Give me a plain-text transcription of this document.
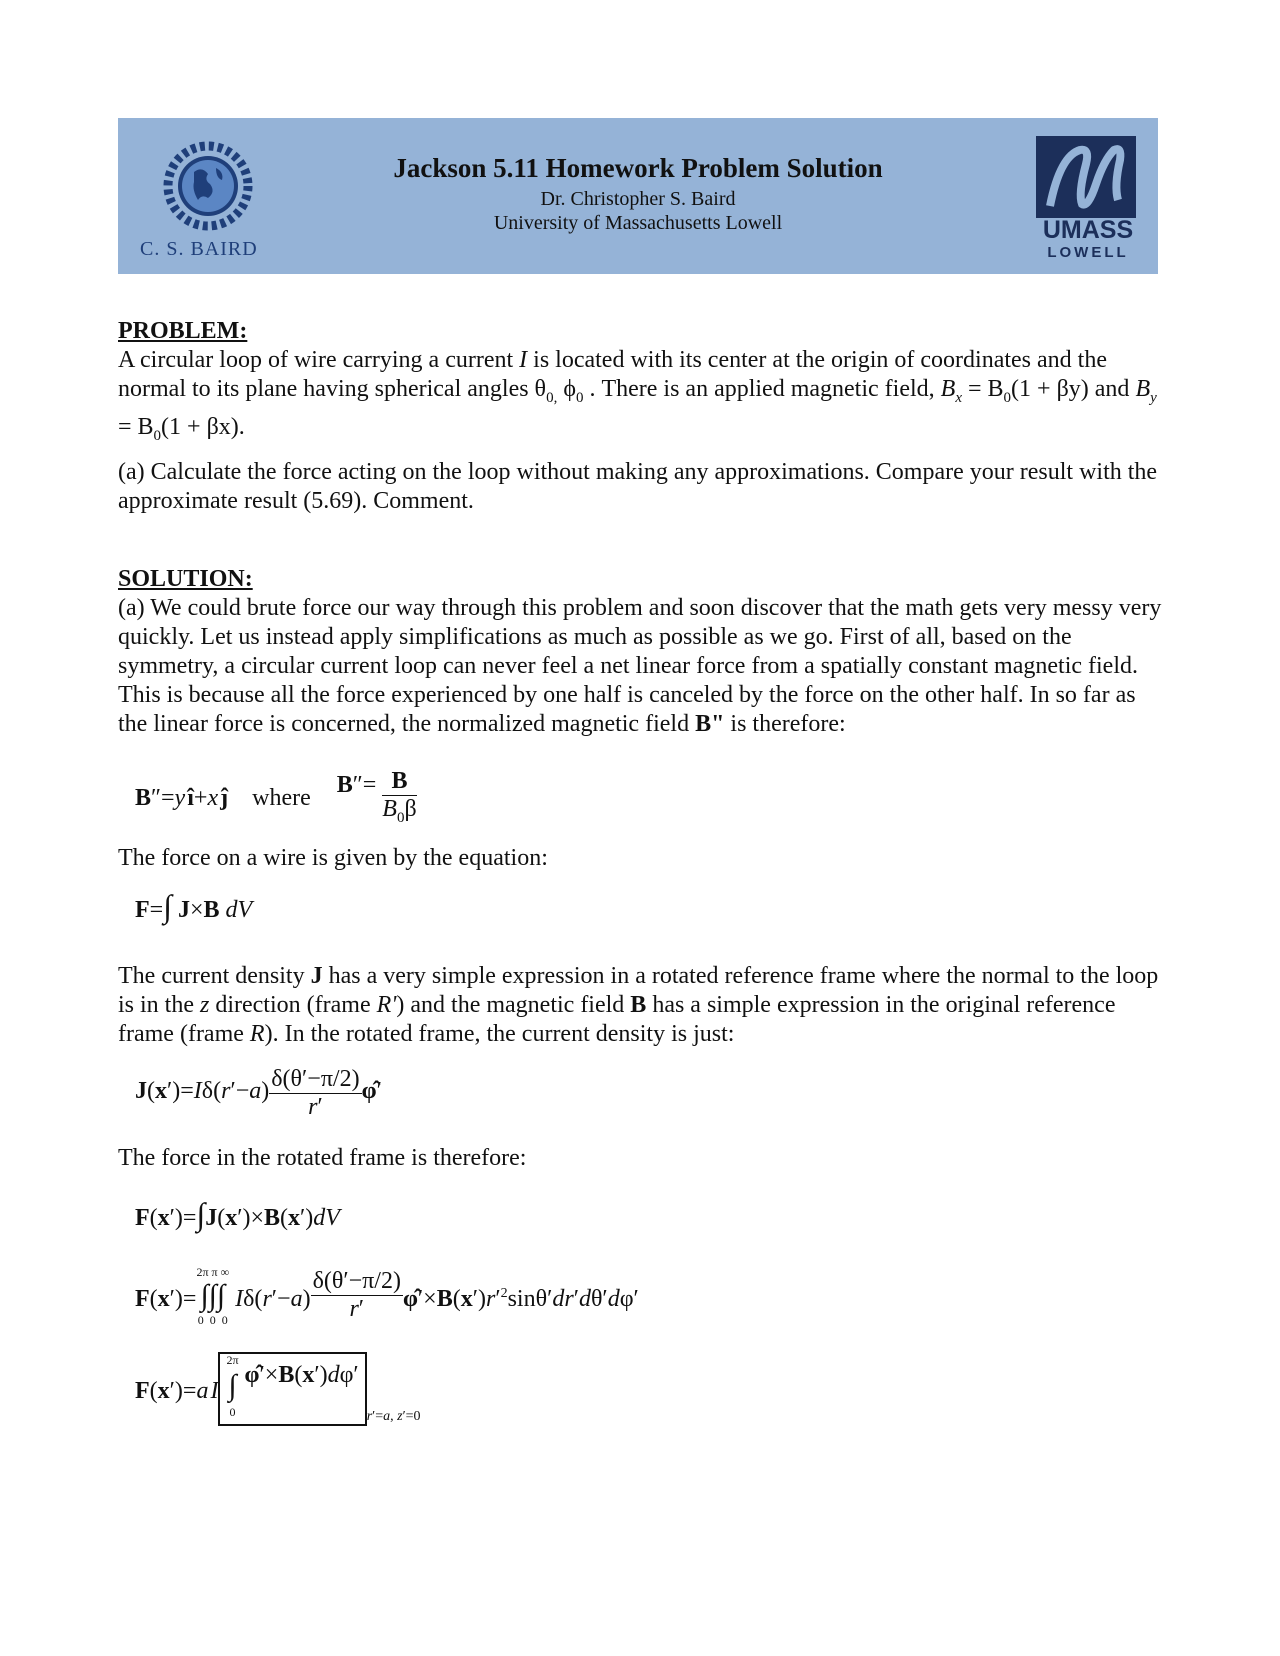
C. S. BAIRD
Jackson 5.11 Homework Problem Solution
Dr. Christopher S. Baird
University of Massachusetts Lowell	UMASS
LOWELL
PROBLEM:
A circular loop of wire carrying a current I is located with its center at the origin of coordinates and the normal to its plane having spherical angles $\theta_{0,}$ $\phi_0$ . There is an applied magnetic field, $B_x = B_0(1 + \beta y)$ and $B_y = B_0(1 + \beta x)$.
(a) Calculate the force acting on the loop without making any approximations. Compare your result with the approximate result (5.69). Comment.
SOLUTION:
(a) We could brute force our way through this problem and soon discover that the math gets very messy very quickly. Let us instead apply simplifications as much as possible as we go. First of all, based on the symmetry, a circular current loop can never feel a net linear force from a spatially constant magnetic field. This is because all the force experienced by one half is canceled by the force on the other half. In so far as the linear force is concerned, the normalized magnetic field B" is therefore:
B″=y î+x ĵ where $B''= \frac{B}{B_0\beta}$
The force on a wire is given by the equation:
F=∫ J×B dV
The current density J has a very simple expression in a rotated reference frame where the normal to the loop is in the z direction (frame R') and the magnetic field B has a simple expression in the original reference frame (frame R). In the rotated frame, the current density is just:
$J(x')=I\delta(r'-a) \frac{\delta(\theta'-\pi/2)}{r'}$ φ̂′
The force in the rotated frame is therefore:
F(x′)=∫J(x′)×B(x′)dV
F(x′)=
2π π ∞
∫∫∫
0  0  0
$I\delta(r'-a) \frac{\delta(\theta'-\pi/2)}{r'}$ $\varphî'\times B(x')r'^2\sin\theta'dr'd\theta'd\varphi'$
F(x′)=a I
2π
∫
0
$\varphî'\times B(x')d\varphi'_{r'=a, z'=0}$
